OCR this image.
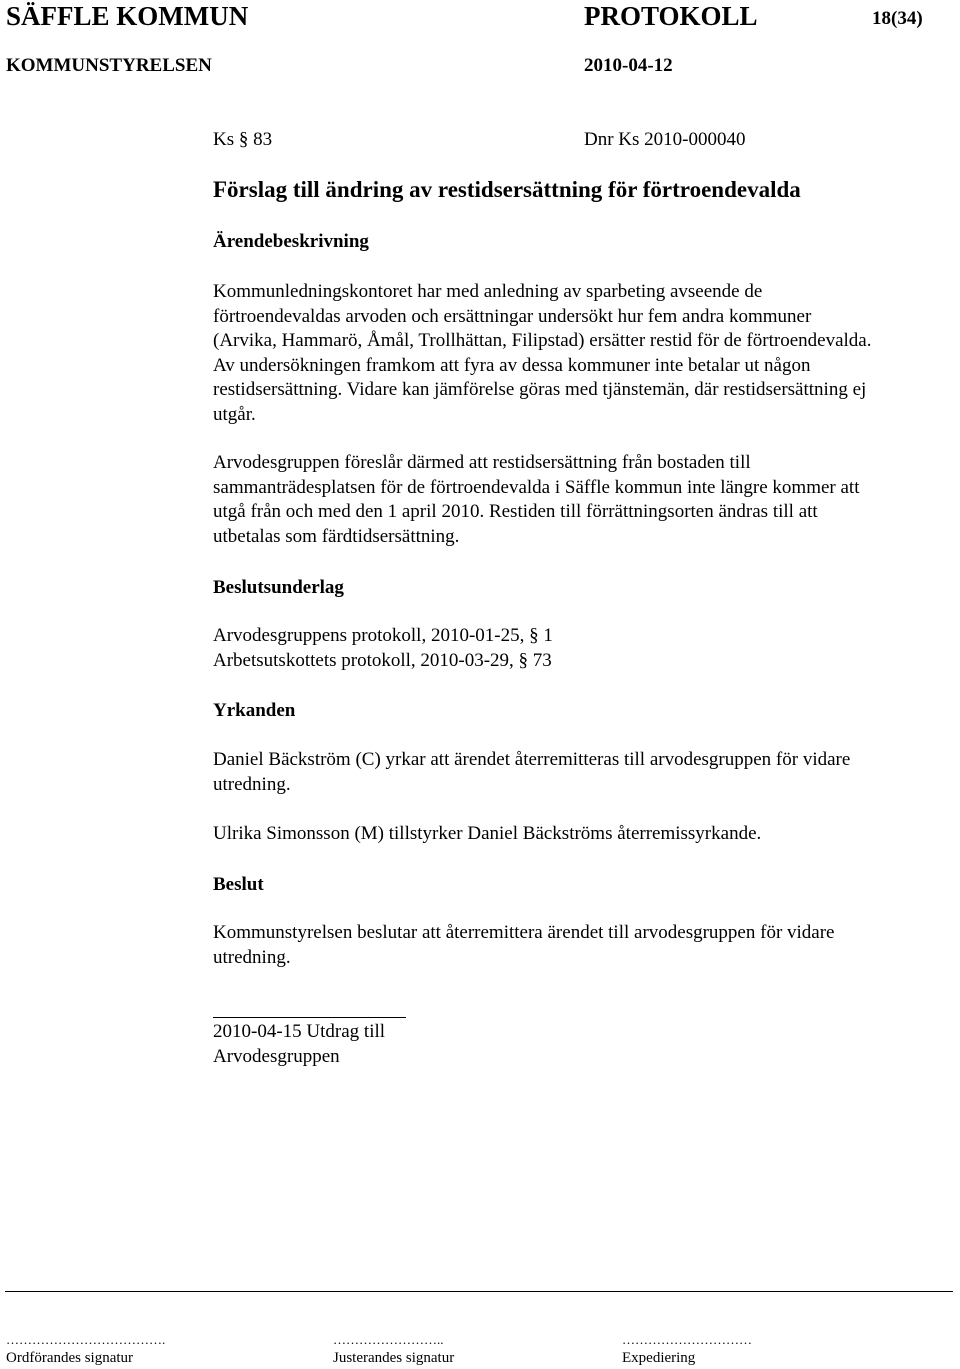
SÄFFLE KOMMUN	PROTOKOLL	18(34)
KOMMUNSTYRELSEN	2010-04-12
Ks § 83	Dnr Ks 2010-000040
Förslag till ändring av restidsersättning för förtroendevalda
Ärendebeskrivning
Kommunledningskontoret har med anledning av sparbeting avseende de
förtroendevaldas arvoden och ersättningar undersökt hur fem andra kommuner
(Arvika, Hammarö, Åmål, Trollhättan, Filipstad) ersätter restid för de förtroendevalda.
Av undersökningen framkom att fyra av dessa kommuner inte betalar ut någon
restidsersättning. Vidare kan jämförelse göras med tjänstemän, där restidsersättning ej
utgår.
Arvodesgruppen föreslår därmed att restidsersättning från bostaden till
sammanträdesplatsen för de förtroendevalda i Säffle kommun inte längre kommer att
utgå från och med den 1 april 2010. Restiden till förrättningsorten ändras till att
utbetalas som färdtidsersättning.
Beslutsunderlag
Arvodesgruppens protokoll, 2010-01-25, § 1
Arbetsutskottets protokoll, 2010-03-29, § 73
Yrkanden
Daniel Bäckström (C) yrkar att ärendet återremitteras till arvodesgruppen för vidare
utredning.
Ulrika Simonsson (M) tillstyrker Daniel Bäckströms återremissyrkande.
Beslut
Kommunstyrelsen beslutar att återremittera ärendet till arvodesgruppen för vidare
utredning.
2010-04-15 Utdrag till
Arvodesgruppen
……………………………….	……………………..	…………………………
Ordförandes signatur	Justerandes signatur	Expediering
